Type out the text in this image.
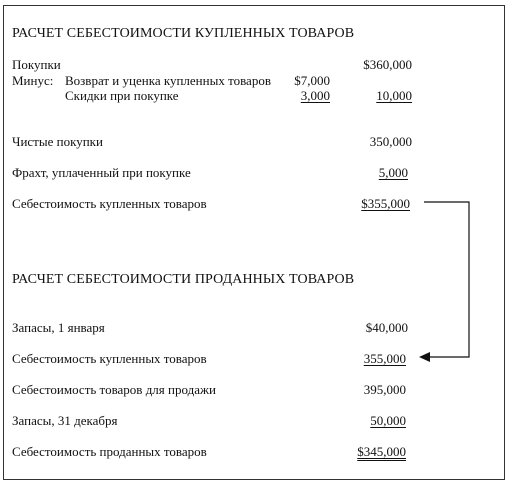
РАСЧЕТ СЕБЕСТОИМОСТИ КУПЛЕННЫХ ТОВАРОВ
Покупки	$360,000
Минус: Возврат и уценка купленных товаров	$7,000
Скидки при покупке	3,000	10,000
Чистые покупки	350,000
Фрахт, уплаченный при покупке	5,000
Себестоимость купленных товаров	$355,000
РАСЧЕТ СЕБЕСТОИМОСТИ ПРОДАННЫХ ТОВАРОВ
Запасы, 1 января	$40,000
Себестоимость купленных товаров	355,000
Себестоимость товаров для продажи	395,000
Запасы, 31 декабря	50,000
Себестоимость проданных товаров	$345,000
